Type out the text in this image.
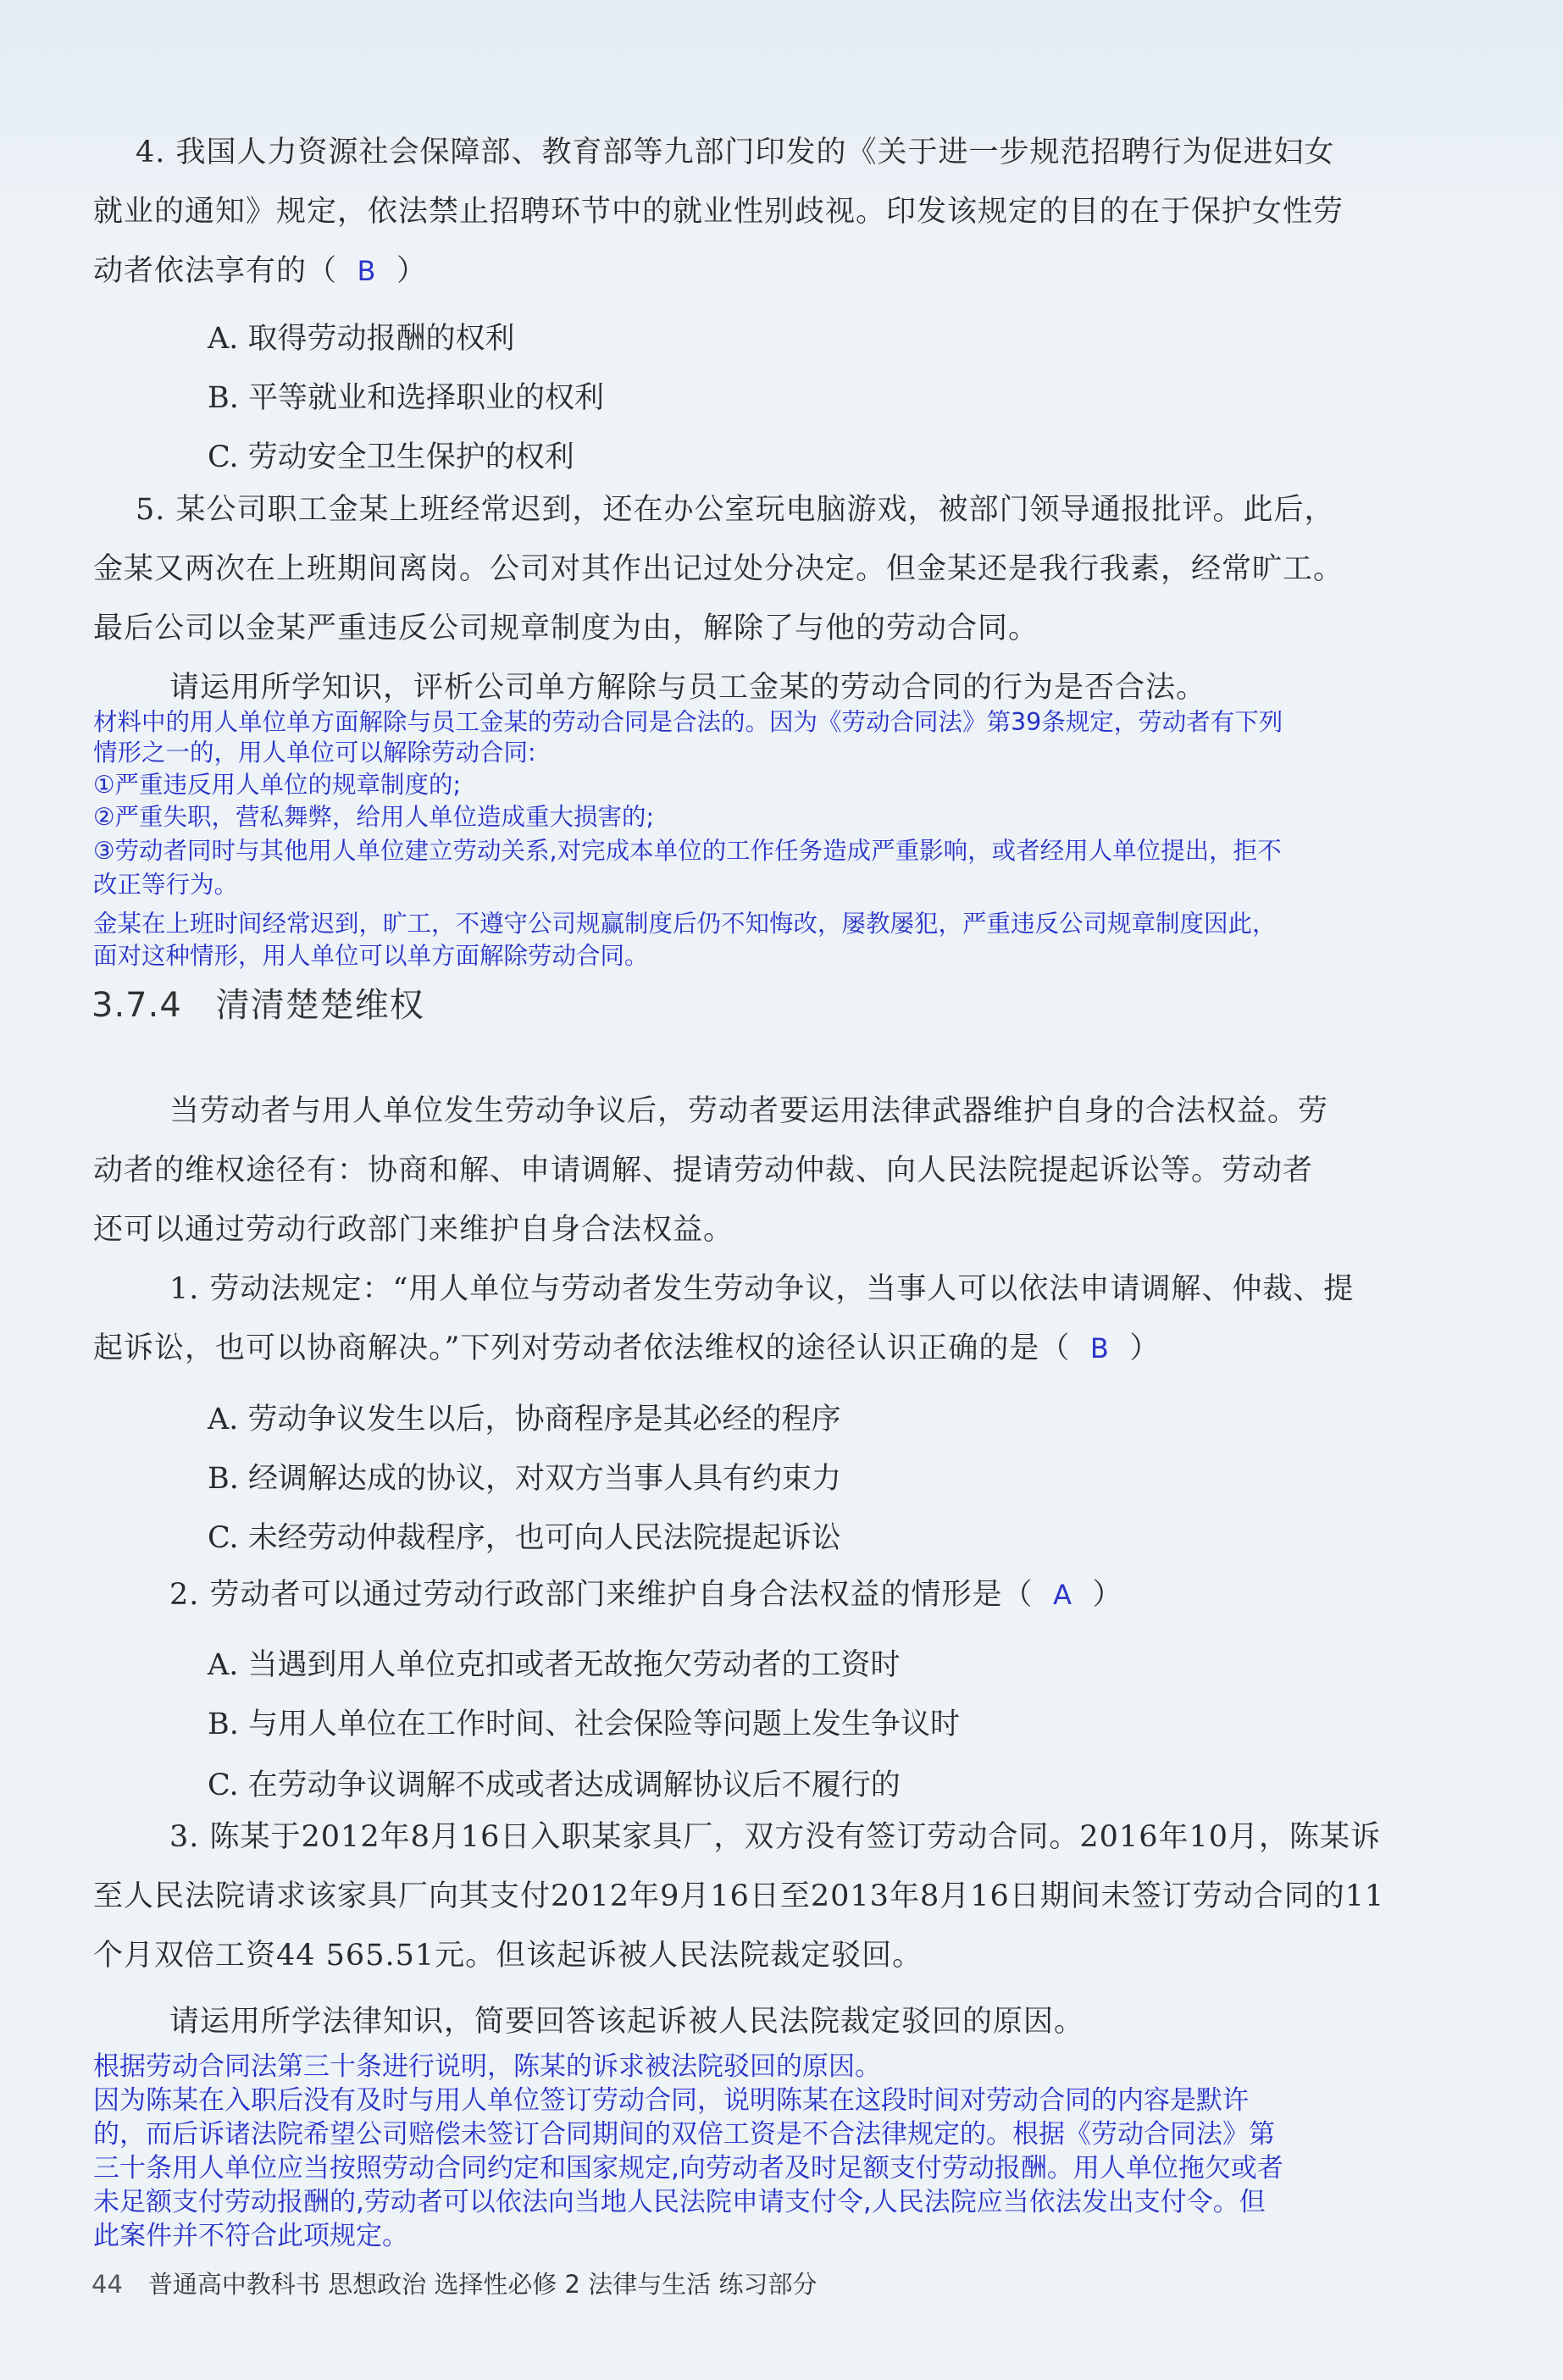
4. 我国人力资源社会保障部、教育部等九部门印发的《关于进一步规范招聘行为促进妇女

就业的通知》规定，依法禁止招聘环节中的就业性别歧视。印发该规定的目的在于保护女性劳

动者依法享有的（ B ）

A. 取得劳动报酬的权利

B. 平等就业和选择职业的权利

C. 劳动安全卫生保护的权利

5. 某公司职工金某上班经常迟到，还在办公室玩电脑游戏，被部门领导通报批评。此后，

金某又两次在上班期间离岗。公司对其作出记过处分决定。但金某还是我行我素，经常旷工。

最后公司以金某严重违反公司规章制度为由，解除了与他的劳动合同。

请运用所学知识，评析公司单方解除与员工金某的劳动合同的行为是否合法。

材料中的用人单位单方面解除与员工金某的劳动合同是合法的。因为《劳动合同法》第39条规定，劳动者有下列

情形之一的，用人单位可以解除劳动合同:

①严重违反用人单位的规章制度的;

②严重失职，营私舞弊，给用人单位造成重大损害的;

③劳动者同时与其他用人单位建立劳动关系,对完成本单位的工作任务造成严重影响，或者经用人单位提出，拒不

改正等行为。

金某在上班时间经常迟到，旷工，不遵守公司规赢制度后仍不知悔改，屡教屡犯，严重违反公司规章制度因此，

面对这种情形，用人单位可以单方面解除劳动合同。

3.7.4 清清楚楚维权

当劳动者与用人单位发生劳动争议后，劳动者要运用法律武器维护自身的合法权益。劳

动者的维权途径有：协商和解、申请调解、提请劳动仲裁、向人民法院提起诉讼等。劳动者

还可以通过劳动行政部门来维护自身合法权益。

1. 劳动法规定：“用人单位与劳动者发生劳动争议，当事人可以依法申请调解、仲裁、提

起诉讼，也可以协商解决。”下列对劳动者依法维权的途径认识正确的是（ B ）

A. 劳动争议发生以后，协商程序是其必经的程序

B. 经调解达成的协议，对双方当事人具有约束力

C. 未经劳动仲裁程序，也可向人民法院提起诉讼

2. 劳动者可以通过劳动行政部门来维护自身合法权益的情形是（ A ）

A. 当遇到用人单位克扣或者无故拖欠劳动者的工资时

B. 与用人单位在工作时间、社会保险等问题上发生争议时

C. 在劳动争议调解不成或者达成调解协议后不履行的

3. 陈某于2012年8月16日入职某家具厂，双方没有签订劳动合同。2016年10月，陈某诉

至人民法院请求该家具厂向其支付2012年9月16日至2013年8月16日期间未签订劳动合同的11

个月双倍工资44 565.51元。但该起诉被人民法院裁定驳回。

请运用所学法律知识，简要回答该起诉被人民法院裁定驳回的原因。

根据劳动合同法第三十条进行说明，陈某的诉求被法院驳回的原因。

因为陈某在入职后没有及时与用人单位签订劳动合同，说明陈某在这段时间对劳动合同的内容是默许

的，而后诉诸法院希望公司赔偿未签订合同期间的双倍工资是不合法律规定的。根据《劳动合同法》第

三十条用人单位应当按照劳动合同约定和国家规定,向劳动者及时足额支付劳动报酬。用人单位拖欠或者

未足额支付劳动报酬的,劳动者可以依法向当地人民法院申请支付令,人民法院应当依法发出支付令。但

此案件并不符合此项规定。

44 普通高中教科书 思想政治 选择性必修 2 法律与生活 练习部分
